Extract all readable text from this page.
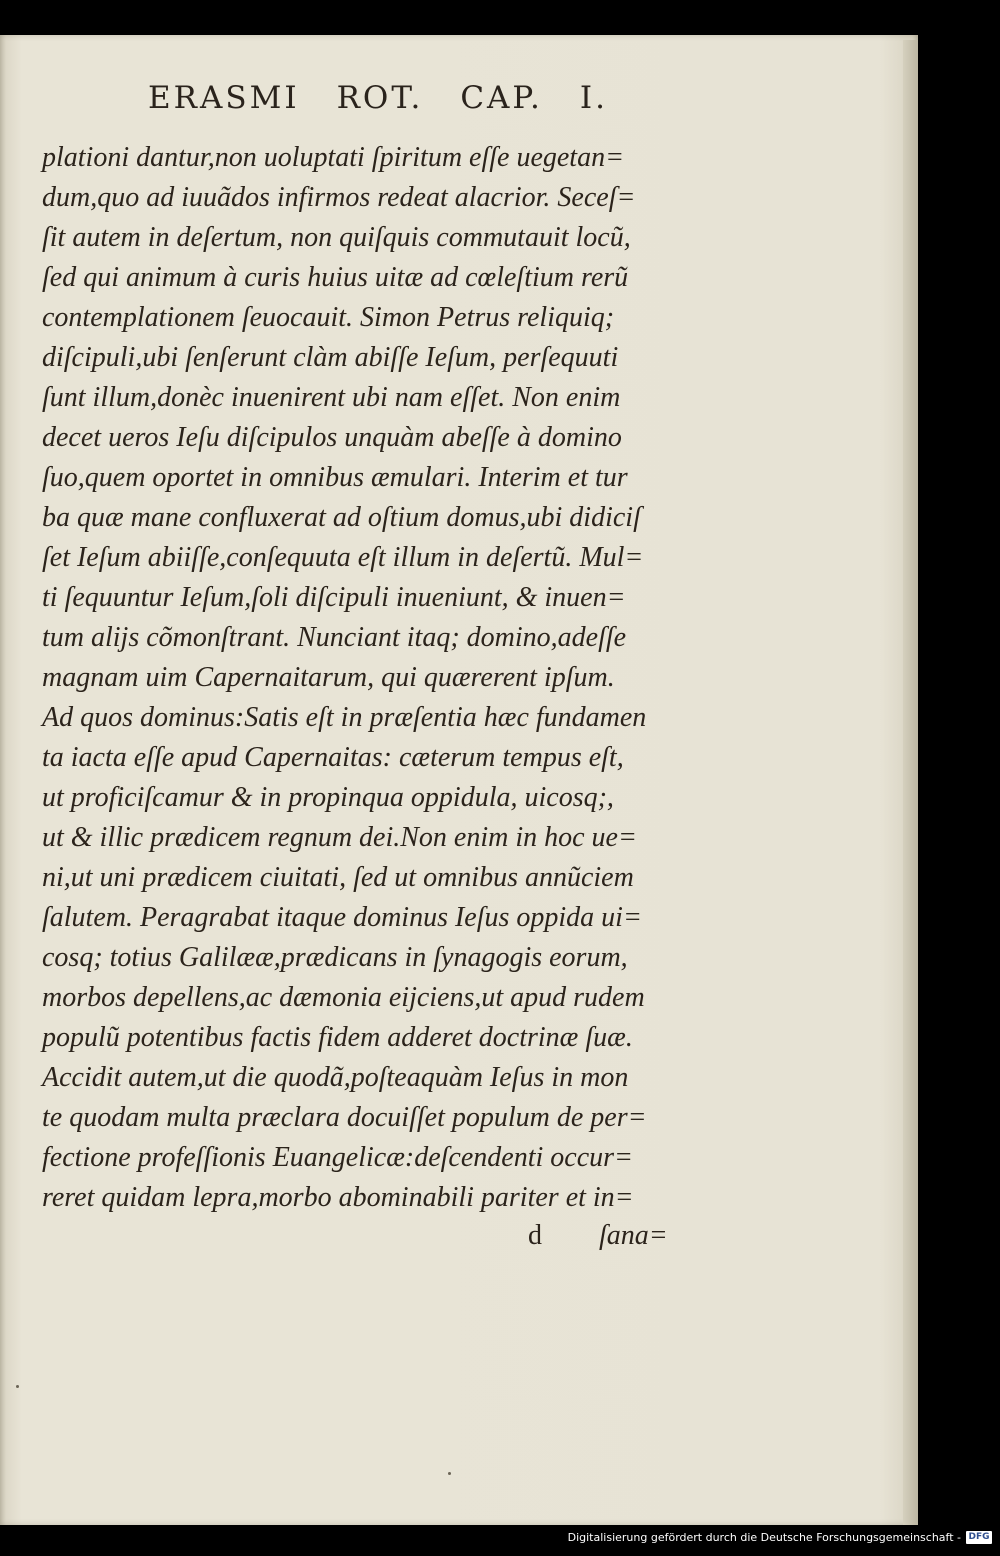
ERASMI ROT. CAP. I.
plationi dantur,non uoluptati ſpiritum eſſe uegetan=
dum,quo ad iuuãdos infirmos redeat alacrior. Seceſ=
ſit autem in deſertum, non quiſquis commutauit locũ,
ſed qui animum à curis huius uitæ ad cœleſtium rerũ
contemplationem ſeuocauit. Simon Petrus reliquiq;
diſcipuli,ubi ſenſerunt clàm abiſſe Ieſum, perſequuti
ſunt illum,donèc inuenirent ubi nam eſſet. Non enim
decet ueros Ieſu diſcipulos unquàm abeſſe à domino
ſuo,quem oportet in omnibus æmulari. Interim et tur
ba quæ mane confluxerat ad oſtium domus,ubi didiciſ
ſet Ieſum abiiſſe,conſequuta eſt illum in deſertũ. Mul=
ti ſequuntur Ieſum,ſoli diſcipuli inueniunt, & inuen=
tum alijs cõmonſtrant. Nunciant itaq; domino,adeſſe
magnam uim Capernaitarum, qui quærerent ipſum.
Ad quos dominus:Satis eſt in præſentia hæc fundamen
ta iacta eſſe apud Capernaitas: cæterum tempus eſt,
ut proficiſcamur & in propinqua oppidula, uicosq;,
ut & illic prædicem regnum dei.Non enim in hoc ue=
ni,ut uni prædicem ciuitati, ſed ut omnibus annũciem
ſalutem. Peragrabat itaque dominus Ieſus oppida ui=
cosq; totius Galilææ,prædicans in ſynagogis eorum,
morbos depellens,ac dæmonia eijciens,ut apud rudem
populũ potentibus factis fidem adderet doctrinæ ſuæ.
Accidit autem,ut die quodã,poſteaquàm Ieſus in mon
te quodam multa præclara docuiſſet populum de per=
fectione profeſſionis Euangelicæ:deſcendenti occur=
reret quidam lepra,morbo abominabili pariter et in=
d ſana=
Digitalisierung gefördert durch die Deutsche Forschungsgemeinschaft - DFG
